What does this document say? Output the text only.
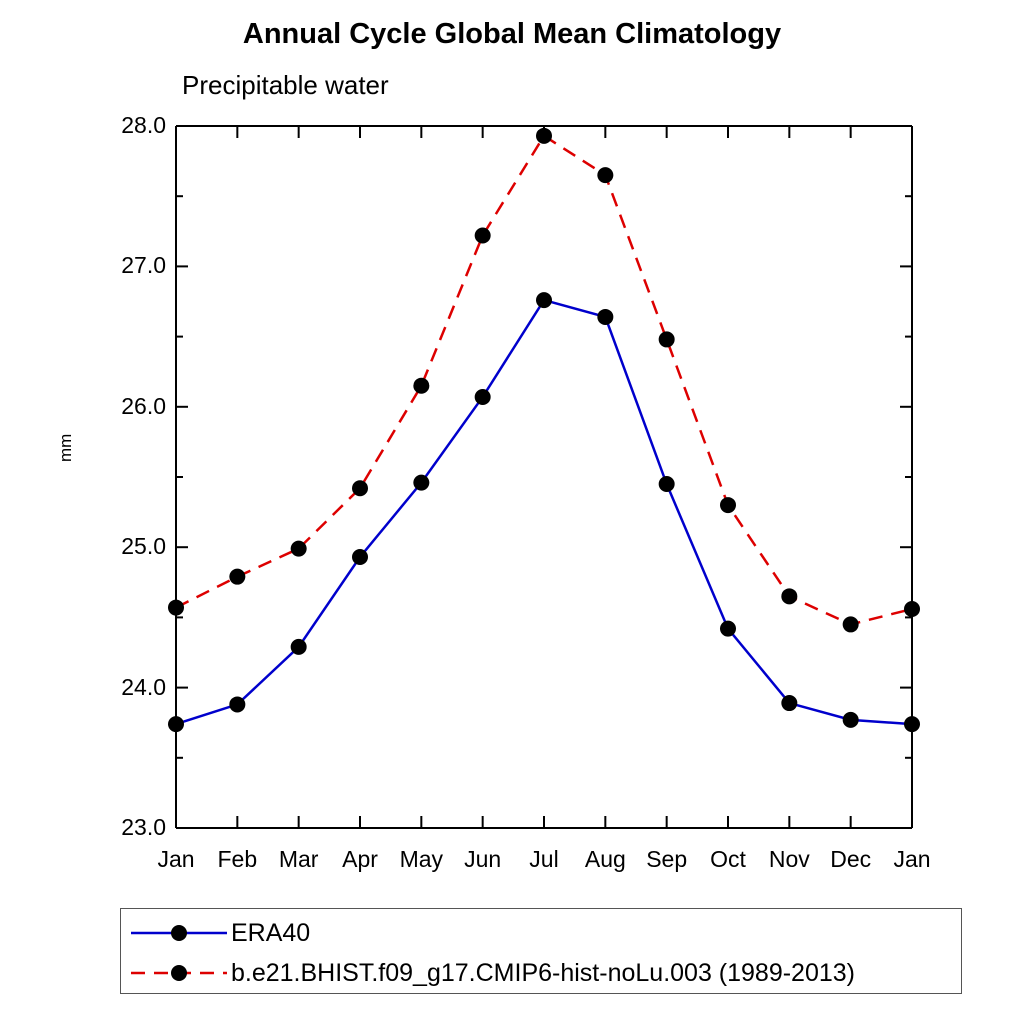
Annual Cycle Global Mean Climatology
Precipitable water
mm
23.0
24.0
25.0
26.0
27.0
28.0
Jan Feb Mar Apr May Jun Jul Aug Sep Oct Nov Dec Jan
ERA40
b.e21.BHIST.f09_g17.CMIP6-hist-noLu.003 (1989-2013)
